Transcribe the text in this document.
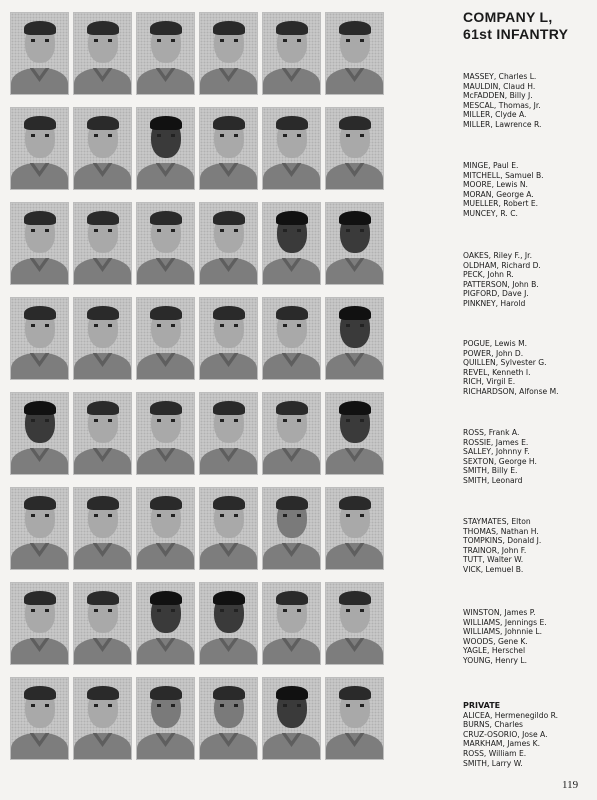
COMPANY L,
61st INFANTRY
MASSEY, Charles L.
MAULDIN, Claud H.
McFADDEN, Billy J.
MESCAL, Thomas, Jr.
MILLER, Clyde A.
MILLER, Lawrence R.
MINGE, Paul E.
MITCHELL, Samuel B.
MOORE, Lewis N.
MORAN, George A.
MUELLER, Robert E.
MUNCEY, R. C.
OAKES, Riley F., Jr.
OLDHAM, Richard D.
PECK, John R.
PATTERSON, John B.
PIGFORD, Dave J.
PINKNEY, Harold
POGUE, Lewis M.
POWER, John D.
QUILLEN, Sylvester G.
REVEL, Kenneth I.
RICH, Virgil E.
RICHARDSON, Alfonse M.
ROSS, Frank A.
ROSSIE, James E.
SALLEY, Johnny F.
SEXTON, George H.
SMITH, Billy E.
SMITH, Leonard
STAYMATES, Elton
THOMAS, Nathan H.
TOMPKINS, Donald J.
TRAINOR, John F.
TUTT, Walter W.
VICK, Lemuel B.
WINSTON, James P.
WILLIAMS, Jennings E.
WILLIAMS, Johnnie L.
WOODS, Gene K.
YAGLE, Herschel
YOUNG, Henry L.
PRIVATE
ALICEA, Hermenegildo R.
BURNS, Charles
CRUZ-OSORIO, Jose A.
MARKHAM, James K.
ROSS, William E.
SMITH, Larry W.
119
